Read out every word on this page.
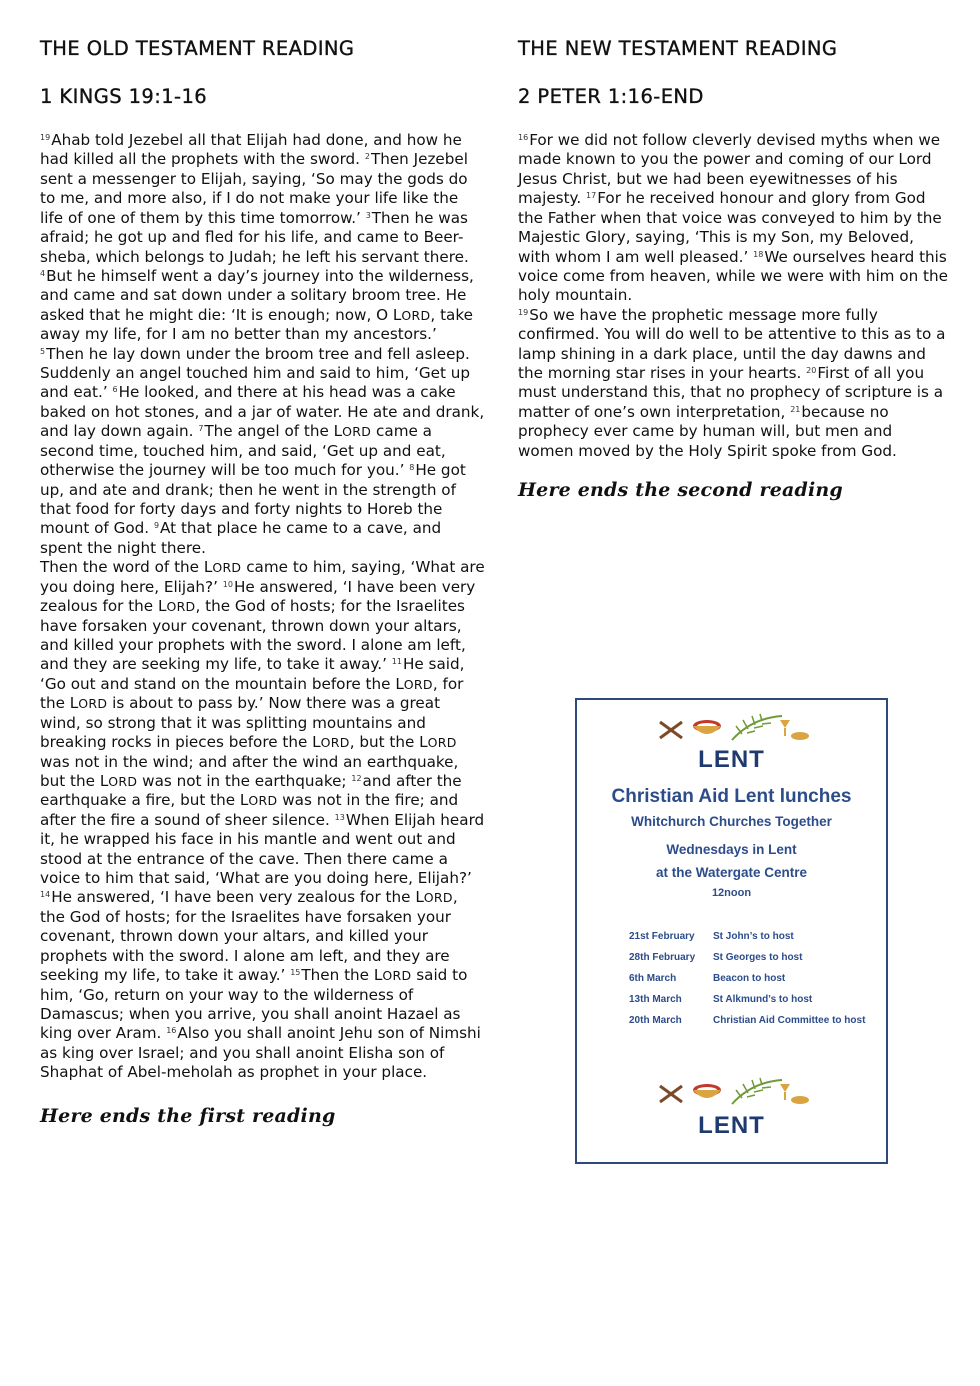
THE OLD TESTAMENT READING
1 KINGS 19:1-16

$^{19}$Ahab told Jezebel all that Elijah had done, and how he had killed all the prophets with the sword. $^2$Then Jezebel sent a messenger to Elijah, saying, ‘So may the gods do to me, and more also, if I do not make your life like the life of one of them by this time tomorrow.’ $^3$Then he was afraid; he got up and fled for his life, and came to Beer-sheba, which belongs to Judah; he left his servant there. $^4$But he himself went a day’s journey into the wilderness, and came and sat down under a solitary broom tree. He asked that he might die: ‘It is enough; now, O LORD, take away my life, for I am no better than my ancestors.’ $^5$Then he lay down under the broom tree and fell asleep. Suddenly an angel touched him and said to him, ‘Get up and eat.’ $^6$He looked, and there at his head was a cake baked on hot stones, and a jar of water. He ate and drank, and lay down again. $^7$The angel of the LORD came a second time, touched him, and said, ‘Get up and eat, otherwise the journey will be too much for you.’ $^8$He got up, and ate and drank; then he went in the strength of that food for forty days and forty nights to Horeb the mount of God. $^9$At that place he came to a cave, and spent the night there.

Then the word of the LORD came to him, saying, ‘What are you doing here, Elijah?’ $^{10}$He answered, ‘I have been very zealous for the LORD, the God of hosts; for the Israelites have forsaken your covenant, thrown down your altars, and killed your prophets with the sword. I alone am left, and they are seeking my life, to take it away.’ $^{11}$He said, ‘Go out and stand on the mountain before the LORD, for the LORD is about to pass by.’ Now there was a great wind, so strong that it was splitting mountains and breaking rocks in pieces before the LORD, but the LORD was not in the wind; and after the wind an earthquake, but the LORD was not in the earthquake; $^{12}$and after the earthquake a fire, but the LORD was not in the fire; and after the fire a sound of sheer silence. $^{13}$When Elijah heard it, he wrapped his face in his mantle and went out and stood at the entrance of the cave. Then there came a voice to him that said, ‘What are you doing here, Elijah?’ $^{14}$He answered, ‘I have been very zealous for the LORD, the God of hosts; for the Israelites have forsaken your covenant, thrown down your altars, and killed your prophets with the sword. I alone am left, and they are seeking my life, to take it away.’ $^{15}$Then the LORD said to him, ‘Go, return on your way to the wilderness of Damascus; when you arrive, you shall anoint Hazael as king over Aram. $^{16}$Also you shall anoint Jehu son of Nimshi as king over Israel; and you shall anoint Elisha son of Shaphat of Abel-meholah as prophet in your place.

Here ends the first reading
THE NEW TESTAMENT READING
2 PETER 1:16-END

$^{16}$For we did not follow cleverly devised myths when we made known to you the power and coming of our Lord Jesus Christ, but we had been eyewitnesses of his majesty. $^{17}$For he received honour and glory from God the Father when that voice was conveyed to him by the Majestic Glory, saying, ‘This is my Son, my Beloved, with whom I am well pleased.’ $^{18}$We ourselves heard this voice come from heaven, while we were with him on the holy mountain.

$^{19}$So we have the prophetic message more fully confirmed. You will do well to be attentive to this as to a lamp shining in a dark place, until the day dawns and the morning star rises in your hearts. $^{20}$First of all you must understand this, that no prophecy of scripture is a matter of one’s own interpretation, $^{21}$because no prophecy ever came by human will, but men and women moved by the Holy Spirit spoke from God.

Here ends the second reading
LENT
Christian Aid Lent lunches
Whitchurch Churches Together
Wednesdays in Lent
at the Watergate Centre
12noon
21st February St John’s to host
28th February St Georges to host
6th March	Beacon to host
13th March	St Alkmund’s to host
20th March	Christian Aid Committee to host
LENT
